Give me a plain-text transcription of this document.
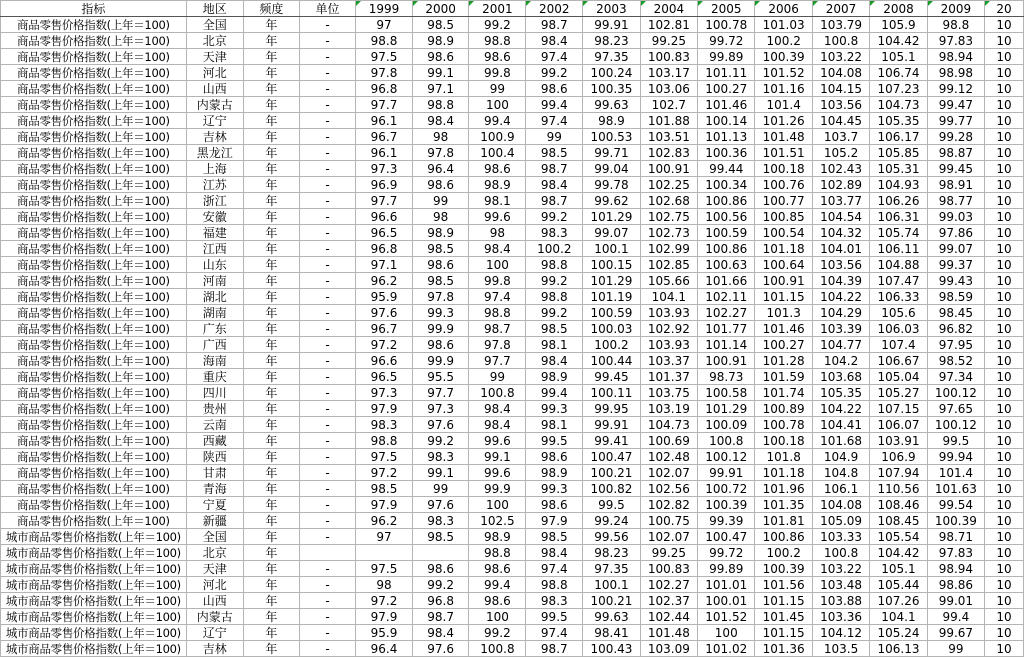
指标	地区	频度	单位	1999	2000	2001	2002	2003	2004	2005	2006	2007	2008	2009	20
商品零售价格指数(上年＝100)	全国	年	-	97	98.5	99.2	98.7	99.91	102.81	100.78	101.03	103.79	105.9	98.8	10
商品零售价格指数(上年＝100)	北京	年	-	98.8	98.9	98.8	98.4	98.23	99.25	99.72	100.2	100.8	104.42	97.83	10
商品零售价格指数(上年＝100)	天津	年	-	97.5	98.6	98.6	97.4	97.35	100.83	99.89	100.39	103.22	105.1	98.94	10
商品零售价格指数(上年＝100)	河北	年	-	97.8	99.1	99.8	99.2	100.24	103.17	101.11	101.52	104.08	106.74	98.98	10
商品零售价格指数(上年＝100)	山西	年	-	96.8	97.1	99	98.6	100.35	103.06	100.27	101.16	104.15	107.23	99.12	10
商品零售价格指数(上年＝100)	内蒙古	年	-	97.7	98.8	100	99.4	99.63	102.7	101.46	101.4	103.56	104.73	99.47	10
商品零售价格指数(上年＝100)	辽宁	年	-	96.1	98.4	99.4	97.4	98.9	101.88	100.14	101.26	104.45	105.35	99.77	10
商品零售价格指数(上年＝100)	吉林	年	-	96.7	98	100.9	99	100.53	103.51	101.13	101.48	103.7	106.17	99.28	10
商品零售价格指数(上年＝100)	黑龙江	年	-	96.1	97.8	100.4	98.5	99.71	102.83	100.36	101.51	105.2	105.85	98.87	10
商品零售价格指数(上年＝100)	上海	年	-	97.3	96.4	98.6	98.7	99.04	100.91	99.44	100.18	102.43	105.31	99.45	10
商品零售价格指数(上年＝100)	江苏	年	-	96.9	98.6	98.9	98.4	99.78	102.25	100.34	100.76	102.89	104.93	98.91	10
商品零售价格指数(上年＝100)	浙江	年	-	97.7	99	98.1	98.7	99.62	102.68	100.86	100.77	103.77	106.26	98.77	10
商品零售价格指数(上年＝100)	安徽	年	-	96.6	98	99.6	99.2	101.29	102.75	100.56	100.85	104.54	106.31	99.03	10
商品零售价格指数(上年＝100)	福建	年	-	96.5	98.9	98	98.3	99.07	102.73	100.59	100.54	104.32	105.74	97.86	10
商品零售价格指数(上年＝100)	江西	年	-	96.8	98.5	98.4	100.2	100.1	102.99	100.86	101.18	104.01	106.11	99.07	10
商品零售价格指数(上年＝100)	山东	年	-	97.1	98.6	100	98.8	100.15	102.85	100.63	100.64	103.56	104.88	99.37	10
商品零售价格指数(上年＝100)	河南	年	-	96.2	98.5	99.8	99.2	101.29	105.66	101.66	100.91	104.39	107.47	99.43	10
商品零售价格指数(上年＝100)	湖北	年	-	95.9	97.8	97.4	98.8	101.19	104.1	102.11	101.15	104.22	106.33	98.59	10
商品零售价格指数(上年＝100)	湖南	年	-	97.6	99.3	98.8	99.2	100.59	103.93	102.27	101.3	104.29	105.6	98.45	10
商品零售价格指数(上年＝100)	广东	年	-	96.7	99.9	98.7	98.5	100.03	102.92	101.77	101.46	103.39	106.03	96.82	10
商品零售价格指数(上年＝100)	广西	年	-	97.2	98.6	97.8	98.1	100.2	103.93	101.14	100.27	104.77	107.4	97.95	10
商品零售价格指数(上年＝100)	海南	年	-	96.6	99.9	97.7	98.4	100.44	103.37	100.91	101.28	104.2	106.67	98.52	10
商品零售价格指数(上年＝100)	重庆	年	-	96.5	95.5	99	98.9	99.45	101.37	98.73	101.59	103.68	105.04	97.34	10
商品零售价格指数(上年＝100)	四川	年	-	97.3	97.7	100.8	99.4	100.11	103.75	100.58	101.74	105.35	105.27	100.12	10
商品零售价格指数(上年＝100)	贵州	年	-	97.9	97.3	98.4	99.3	99.95	103.19	101.29	100.89	104.22	107.15	97.65	10
商品零售价格指数(上年＝100)	云南	年	-	98.3	97.6	98.4	98.1	99.91	104.73	100.09	100.78	104.41	106.07	100.12	10
商品零售价格指数(上年＝100)	西藏	年	-	98.8	99.2	99.6	99.5	99.41	100.69	100.8	100.18	101.68	103.91	99.5	10
商品零售价格指数(上年＝100)	陕西	年	-	97.5	98.3	99.1	98.6	100.47	102.48	100.12	101.8	104.9	106.9	99.94	10
商品零售价格指数(上年＝100)	甘肃	年	-	97.2	99.1	99.6	98.9	100.21	102.07	99.91	101.18	104.8	107.94	101.4	10
商品零售价格指数(上年＝100)	青海	年	-	98.5	99	99.9	99.3	100.82	102.56	100.72	101.96	106.1	110.56	101.63	10
商品零售价格指数(上年＝100)	宁夏	年	-	97.9	97.6	100	98.6	99.5	102.82	100.39	101.35	104.08	108.46	99.54	10
商品零售价格指数(上年＝100)	新疆	年	-	96.2	98.3	102.5	97.9	99.24	100.75	99.39	101.81	105.09	108.45	100.39	10
城市商品零售价格指数(上年＝100)	全国	年	-	97	98.5	98.9	98.5	99.56	102.07	100.47	100.86	103.33	105.54	98.71	10
城市商品零售价格指数(上年＝100)	北京	年				98.8	98.4	98.23	99.25	99.72	100.2	100.8	104.42	97.83	10
城市商品零售价格指数(上年＝100)	天津	年	-	97.5	98.6	98.6	97.4	97.35	100.83	99.89	100.39	103.22	105.1	98.94	10
城市商品零售价格指数(上年＝100)	河北	年	-	98	99.2	99.4	98.8	100.1	102.27	101.01	101.56	103.48	105.44	98.86	10
城市商品零售价格指数(上年＝100)	山西	年	-	97.2	96.8	98.6	98.3	100.21	102.37	100.01	101.15	103.88	107.26	99.01	10
城市商品零售价格指数(上年＝100)	内蒙古	年	-	97.9	98.7	100	99.5	99.63	102.44	101.52	101.45	103.36	104.1	99.4	10
城市商品零售价格指数(上年＝100)	辽宁	年	-	95.9	98.4	99.2	97.4	98.41	101.48	100	101.15	104.12	105.24	99.67	10
城市商品零售价格指数(上年＝100)	吉林	年	-	96.4	97.6	100.8	98.7	100.43	103.09	101.02	101.36	103.5	106.13	99	10
